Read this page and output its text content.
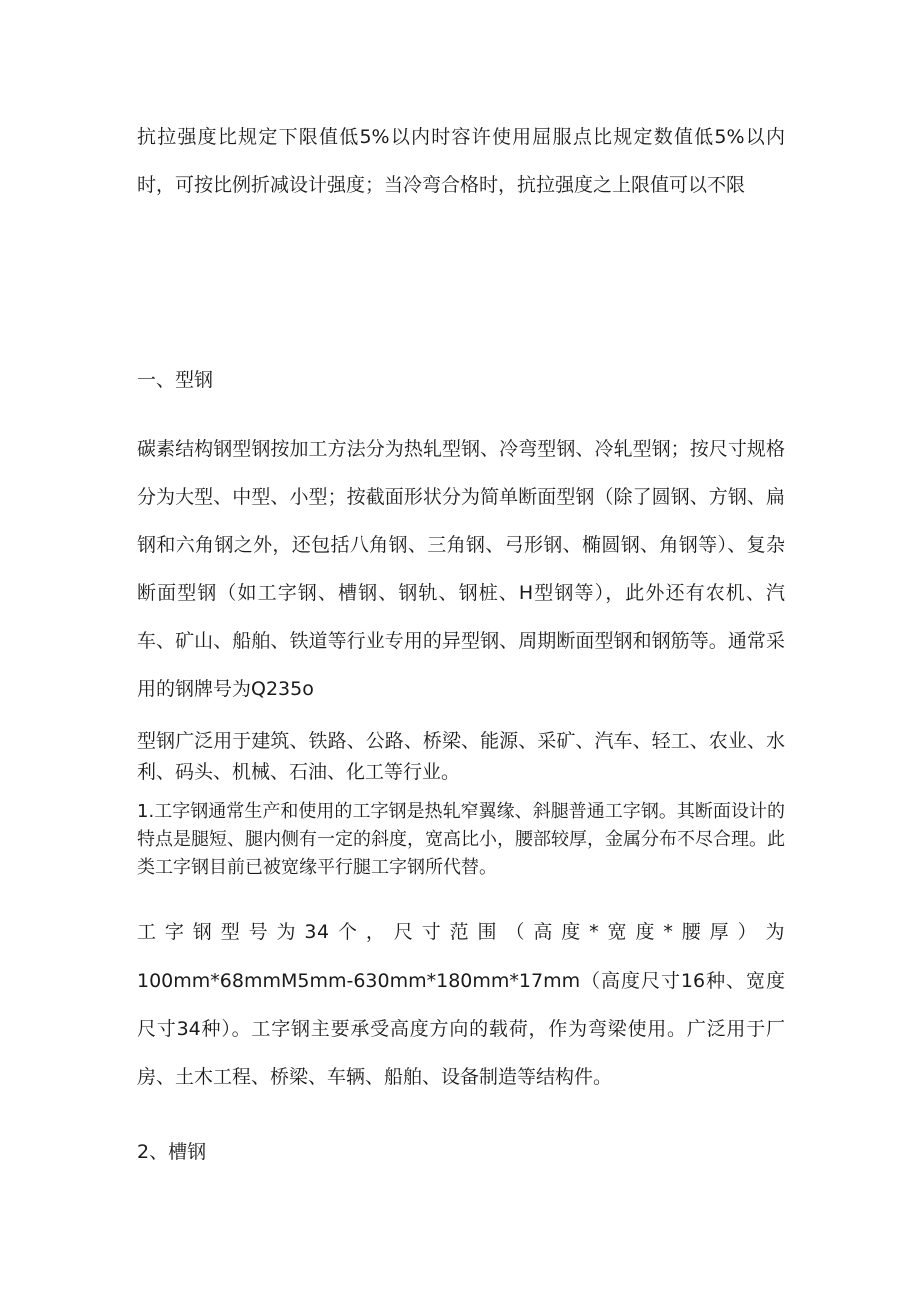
抗拉强度比规定下限值低5%以内时容许使用屈服点比规定数值低5%以内时，可按比例折减设计强度；当冷弯合格时，抗拉强度之上限值可以不限

一、型钢

碳素结构钢型钢按加工方法分为热轧型钢、冷弯型钢、冷轧型钢；按尺寸规格分为大型、中型、小型；按截面形状分为简单断面型钢（除了圆钢、方钢、扁钢和六角钢之外，还包括八角钢、三角钢、弓形钢、椭圆钢、角钢等）、复杂断面型钢（如工字钢、槽钢、钢轨、钢桩、H型钢等），此外还有农机、汽车、矿山、船舶、铁道等行业专用的异型钢、周期断面型钢和钢筋等。通常采用的钢牌号为Q235o

型钢广泛用于建筑、铁路、公路、桥梁、能源、采矿、汽车、轻工、农业、水利、码头、机械、石油、化工等行业。

1.工字钢通常生产和使用的工字钢是热轧窄翼缘、斜腿普通工字钢。其断面设计的特点是腿短、腿内侧有一定的斜度，宽高比小，腰部较厚，金属分布不尽合理。此类工字钢目前已被宽缘平行腿工字钢所代替。

工字钢型号为34个，尺寸范围（高度*宽度*腰厚）为

100mm*68mmM5mm-630mm*180mm*17mm（高度尺寸16种、宽度尺寸34种）。工字钢主要承受高度方向的载荷，作为弯梁使用。广泛用于厂房、土木工程、桥梁、车辆、船舶、设备制造等结构件。

2、槽钢
